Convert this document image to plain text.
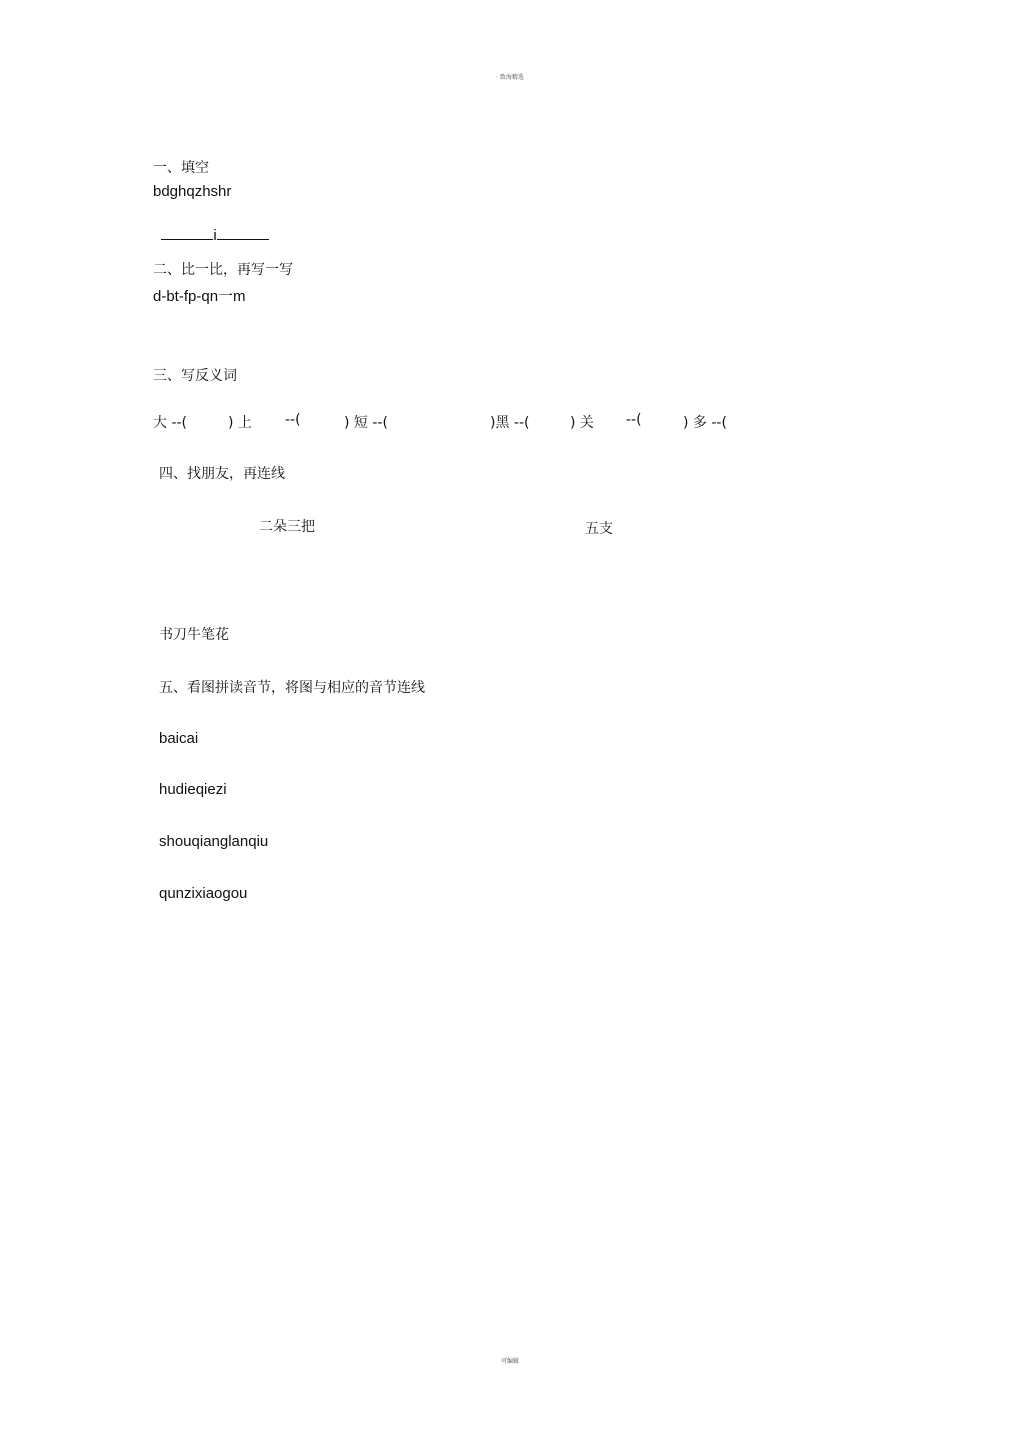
· 致海精选
一、填空
bdghqzhshr

i

二、比一比，再写一写
d-bt-fp-qn一m
三、写反义词
大 --(	) 上 --(	) 短 --(	)黑 --(	) 关 --(	) 多 --(
四、找朋友，再连线
二朵三把	五支
书刀牛笔花
五、看图拼读音节，将图与相应的音节连线
baicai
hudieqiezi
shouqianglanqiu
qunzixiaogou
可编辑
